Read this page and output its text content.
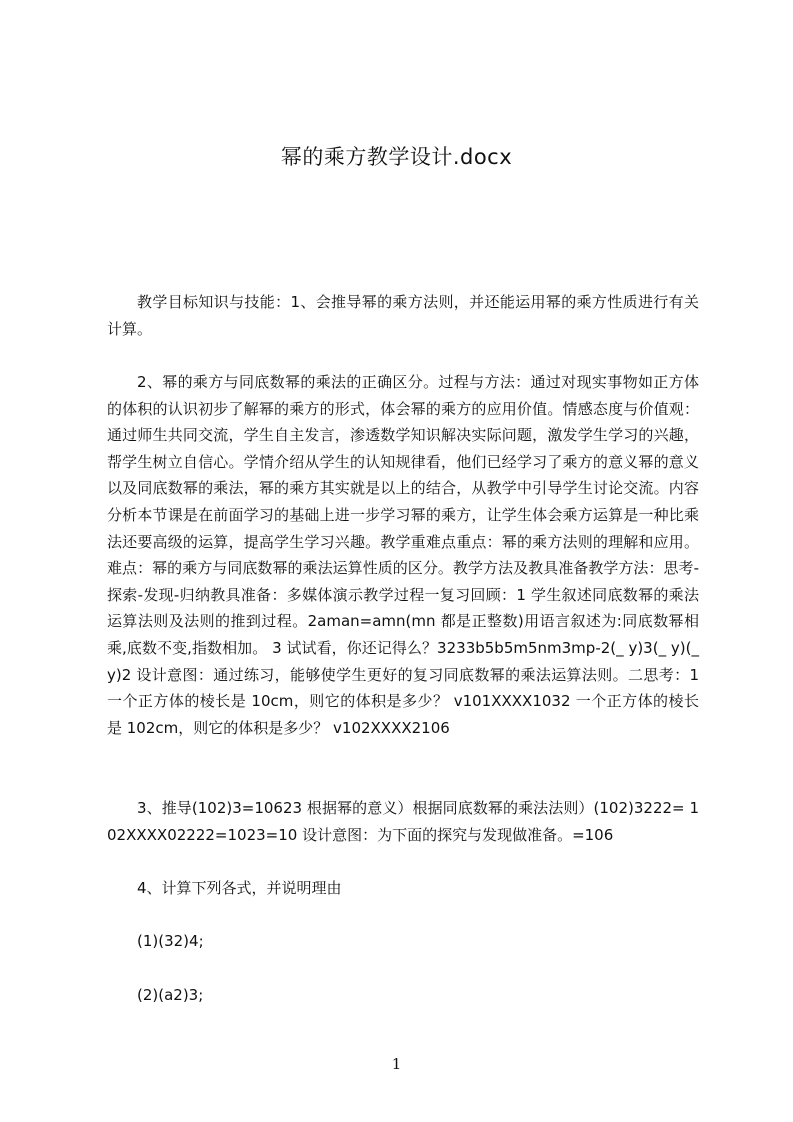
幂的乘方教学设计.docx

教学目标知识与技能：1、会推导幂的乘方法则，并还能运用幂的乘方性质进行有关计算。

2、幂的乘方与同底数幂的乘法的正确区分。过程与方法：通过对现实事物如正方体的体积的认识初步了解幂的乘方的形式，体会幂的乘方的应用价值。情感态度与价值观：通过师生共同交流，学生自主发言，渗透数学知识解决实际问题，激发学生学习的兴趣，帮学生树立自信心。学情介绍从学生的认知规律看，他们已经学习了乘方的意义幂的意义以及同底数幂的乘法，幂的乘方其实就是以上的结合，从教学中引导学生讨论交流。内容分析本节课是在前面学习的基础上进一步学习幂的乘方，让学生体会乘方运算是一种比乘法还要高级的运算，提高学生学习兴趣。教学重难点重点：幂的乘方法则的理解和应用。难点：幂的乘方与同底数幂的乘法运算性质的区分。教学方法及教具准备教学方法：思考-探索-发现-归纳教具准备：多媒体演示教学过程一复习回顾：1 学生叙述同底数幂的乘法运算法则及法则的推到过程。2aman=amn(mn 都是正整数)用语言叙述为:同底数幂相乘,底数不变,指数相加。 3 试试看，你还记得么？3233b5b5m5nm3mp-2(_ y)3(_ y)(_ y)2 设计意图：通过练习，能够使学生更好的复习同底数幂的乘法运算法则。二思考：1 一个正方体的棱长是 10cm，则它的体积是多少？ v101XXXX1032 一个正方体的棱长是 102cm，则它的体积是多少？ v102XXXX2106

3、推导(102)3=10623 根据幂的意义）根据同底数幂的乘法法则）(102)3222= 102XXXX02222=1023=10 设计意图：为下面的探究与发现做准备。=106

4、计算下列各式，并说明理由

(1)(32)4;

(2)(a2)3;

1
